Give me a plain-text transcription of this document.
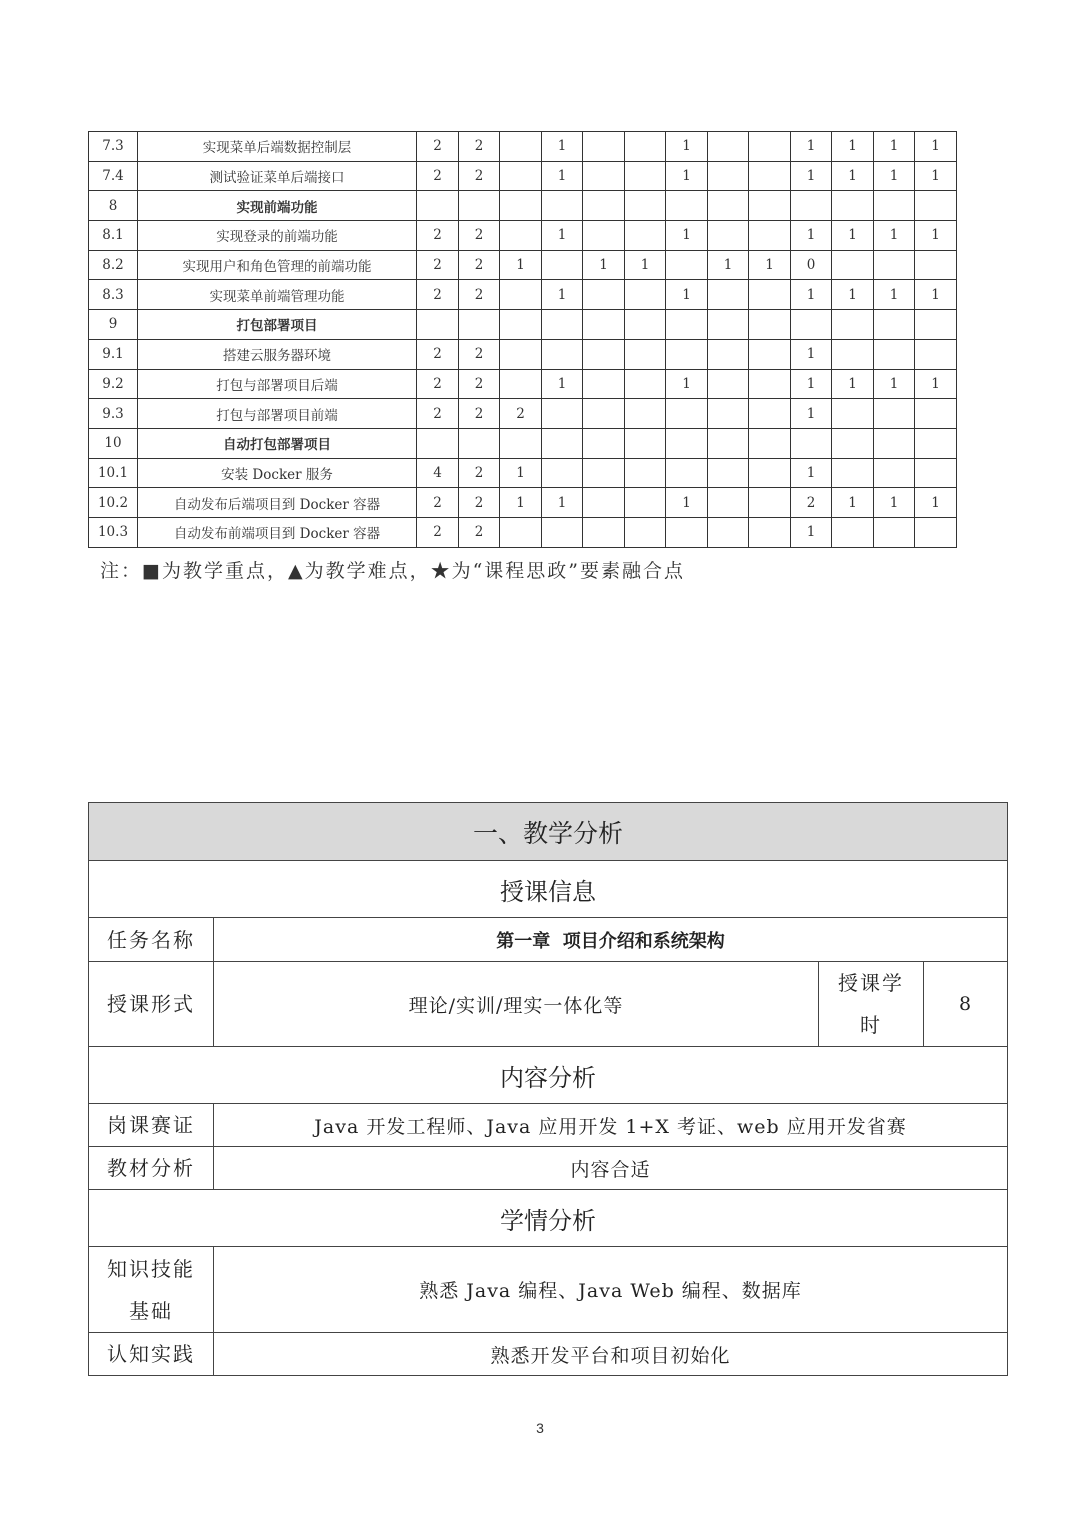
7.3	实现菜单后端数据控制层	2	2		1			1			1	1	1	1
7.4	测试验证菜单后端接口	2	2		1			1			1	1	1	1
8	实现前端功能													
8.1	实现登录的前端功能	2	2		1			1			1	1	1	1
8.2	实现用户和角色管理的前端功能	2	2	1		1	1		1	1	0			
8.3	实现菜单前端管理功能	2	2		1			1			1	1	1	1
9	打包部署项目													
9.1	搭建云服务器环境	2	2								1			
9.2	打包与部署项目后端	2	2		1			1			1	1	1	1
9.3	打包与部署项目前端	2	2	2							1			
10	自动打包部署项目													
10.1	安装 Docker 服务	4	2	1							1			
10.2	自动发布后端项目到 Docker 容器	2	2	1	1			1			2	1	1	1
10.3	自动发布前端项目到 Docker 容器	2	2								1			
注：■为教学重点，▲为教学难点，★为“课程思政”要素融合点
一、教学分析			
授课信息			
任务名称	第一章  项目介绍和系统架构		
授课形式	理论/实训/理实一体化等	授课学
时	8
内容分析			
岗课赛证	Java 开发工程师、Java 应用开发 1+X 考证、web 应用开发省赛		
教材分析	内容合适		
学情分析			

知识技能
基础	熟悉 Java 编程、Java Web 编程、数据库		
认知实践	熟悉开发平台和项目初始化		
3
